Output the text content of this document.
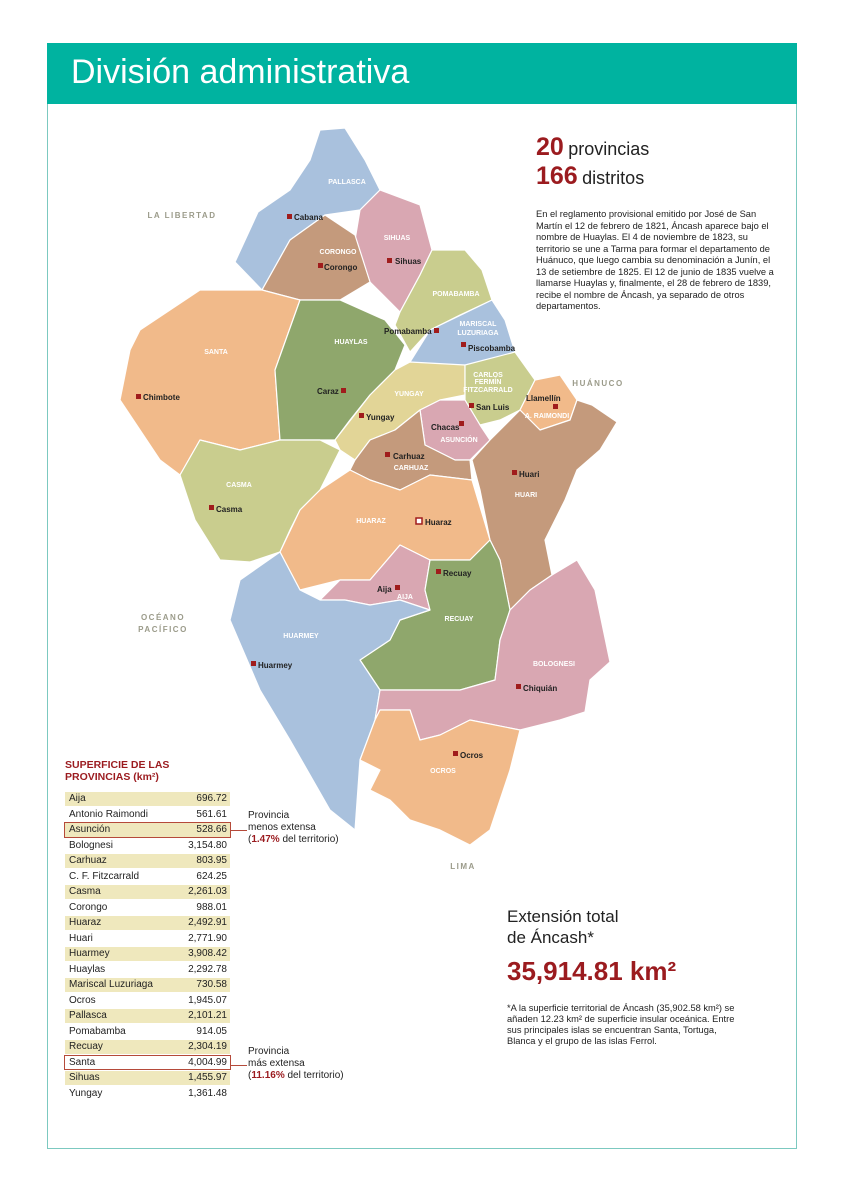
División administrativa
LA LIBERTAD
HUÁNUCO
OCÉANO
PACÍFICO
LIMA
PALLASCA
CORONGO
SIHUAS
POMABAMBA
MARISCAL
LUZURIAGA
HUAYLAS
SANTA
YUNGAY
CARLOS
FERMÍN
FITZCARRALD
A. RAIMONDI
ASUNCIÓN
CARHUAZ
HUARI
CASMA
HUARAZ
AIJA
RECUAY
HUARMEY
BOLOGNESI
OCROS
Cabana
Corongo
Sihuas
Pomabamba
Piscobamba
Caraz
Chimbote
Yungay
San Luis
Llamellín
Chacas
Carhuaz
Huari
Casma
Huaraz
Aija
Recuay
Huarmey
Chiquián
Ocros
20 provincias
166 distritos
En el reglamento provisional emitido por José de San Martín el 12 de febrero de 1821, Áncash aparece bajo el nombre de Huaylas. El 4 de noviembre de 1823, su territorio se une a Tarma para formar el departamento de Huánuco, que luego cambia su denominación a Junín, el 13 de setiembre de 1825. El 12 de junio de 1835 vuelve a llamarse Huaylas y, finalmente, el 28 de febrero de 1839, recibe el nombre de Áncash, ya separado de otros departamentos.
SUPERFICIE DE LAS
PROVINCIAS (km²)
Aija	696.72
Antonio Raimondi	561.61
Asunción	528.66
Bolognesi	3,154.80
Carhuaz	803.95
C. F. Fitzcarrald	624.25
Casma	2,261.03
Corongo	988.01
Huaraz	2,492.91
Huari	2,771.90
Huarmey	3,908.42
Huaylas	2,292.78
Mariscal Luzuriaga	730.58
Ocros	1,945.07
Pallasca	2,101.21
Pomabamba	914.05
Recuay	2,304.19
Santa	4,004.99
Sihuas	1,455.97
Yungay	1,361.48
Provincia
menos extensa
(1.47% del territorio)
Provincia
más extensa
(11.16% del territorio)
Extensión total
de Áncash*
35,914.81 km²
*A la superficie territorial de Áncash (35,902.58 km²) se añaden 12.23 km² de superficie insular oceánica. Entre sus principales islas se encuentran Santa, Tortuga, Blanca y el grupo de las islas Ferrol.
